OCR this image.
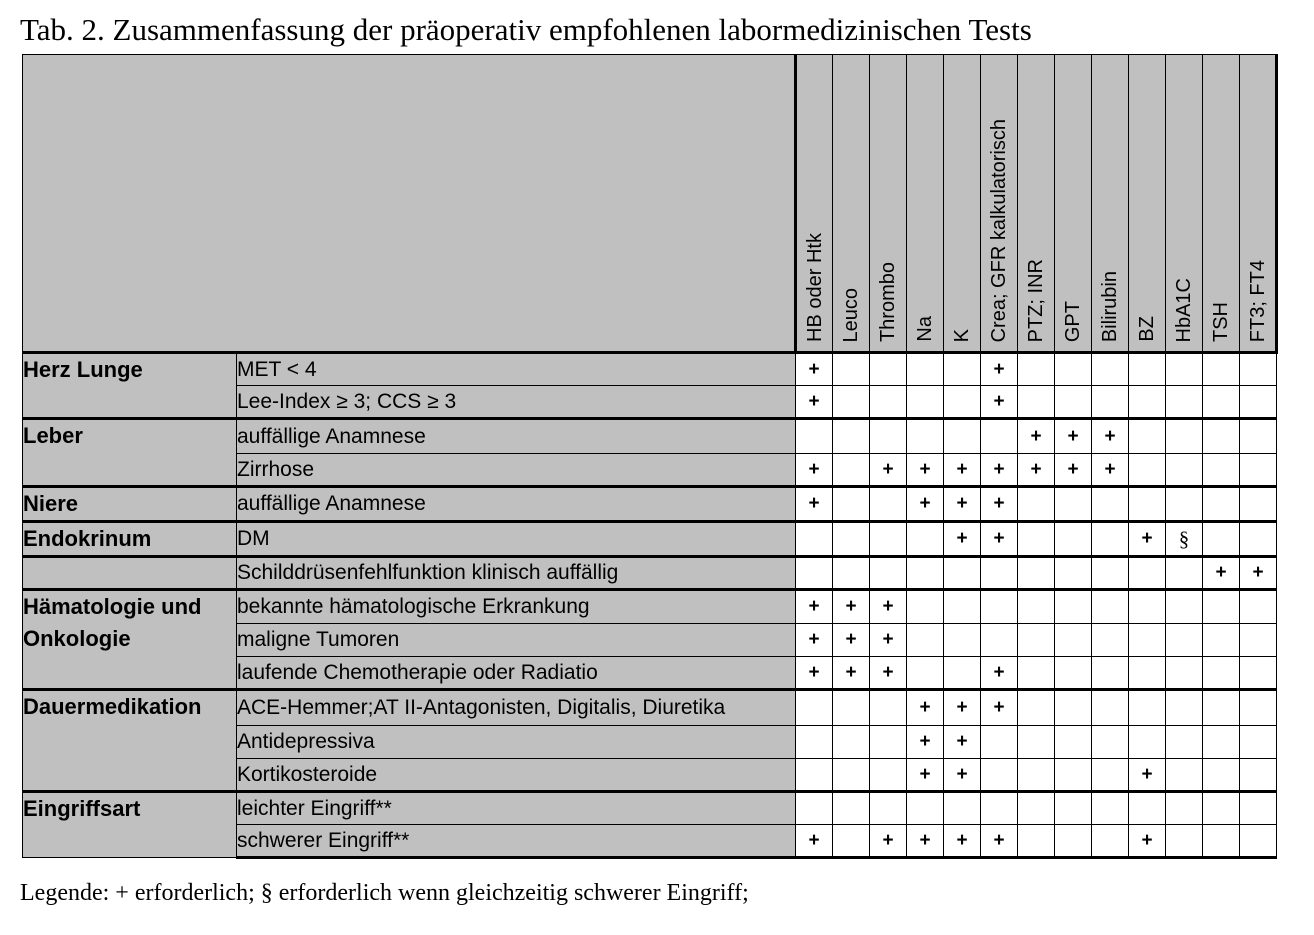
Tab. 2. Zusammenfassung der präoperativ empfohlenen labormedizinischen Tests
		HB oder Htk	Leuco	Thrombo	Na	K	Crea; GFR kalkulatorisch	PTZ; INR	GPT	Bilirubin	BZ	HbA1C	TSH	FT3; FT4
Herz Lunge	MET < 4	+					+							
	Lee-Index ≥ 3; CCS ≥ 3	+					+							
Leber	auffällige Anamnese							+	+	+				
	Zirrhose	+		+	+	+	+	+	+	+				
Niere	auffällige Anamnese	+			+	+	+							
Endokrinum	DM					+	+				+	§		
	Schilddrüsenfehlfunktion klinisch auffällig												+	+
Hämatologie und Onkologie	bekannte hämatologische Erkrankung	+	+	+										
	maligne Tumoren	+	+	+										
	laufende Chemotherapie oder Radiatio	+	+	+			+							
Dauermedikation	ACE-Hemmer;AT II-Antagonisten, Digitalis, Diuretika				+	+	+							
	Antidepressiva				+	+								
	Kortikosteroide				+	+					+			
Eingriffsart	leichter Eingriff**													
	schwerer Eingriff**	+		+	+	+	+				+			
Legende: + erforderlich; § erforderlich wenn gleichzeitig schwerer Eingriff;
